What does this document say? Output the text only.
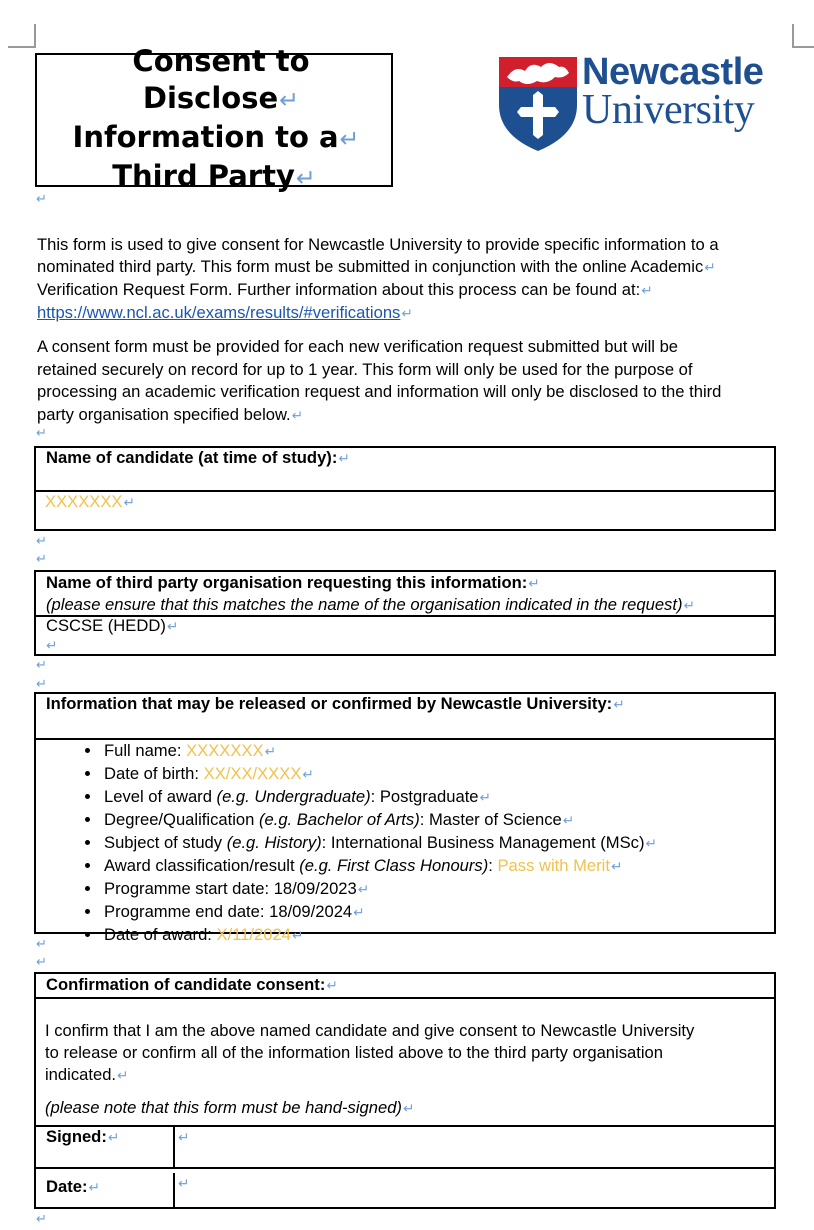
Consent to Disclose↵
Information to a↵
Third Party↵
Newcastle
University
↵
This form is used to give consent for Newcastle University to provide specific information to a
nominated third party. This form must be submitted in conjunction with the online Academic↵
Verification Request Form. Further information about this process can be found at:↵
https://www.ncl.ac.uk/exams/results/#verifications↵
A consent form must be provided for each new verification request submitted but will be
retained securely on record for up to 1 year. This form will only be used for the purpose of
processing an academic verification request and information will only be disclosed to the third
party organisation specified below.↵
↵
Name of candidate (at time of study):↵
XXXXXXX↵
↵
↵
Name of third party organisation requesting this information:↵
(please ensure that this matches the name of the organisation indicated in the request)↵
CSCSE (HEDD)↵
↵
↵
↵
Information that may be released or confirmed by Newcastle University:↵
• Full name: XXXXXXX↵
• Date of birth: XX/XX/XXXX↵
• Level of award (e.g. Undergraduate): Postgraduate↵
• Degree/Qualification (e.g. Bachelor of Arts): Master of Science↵
• Subject of study (e.g. History): International Business Management (MSc)↵
• Award classification/result (e.g. First Class Honours): Pass with Merit↵
• Programme start date: 18/09/2023↵
• Programme end date: 18/09/2024↵
• Date of award: X/11/2024↵
↵
↵
Confirmation of candidate consent:↵
I confirm that I am the above named candidate and give consent to Newcastle University
to release or confirm all of the information listed above to the third party organisation
indicated.↵
(please note that this form must be hand-signed)↵
Signed:↵	↵
Date:↵	↵
↵
